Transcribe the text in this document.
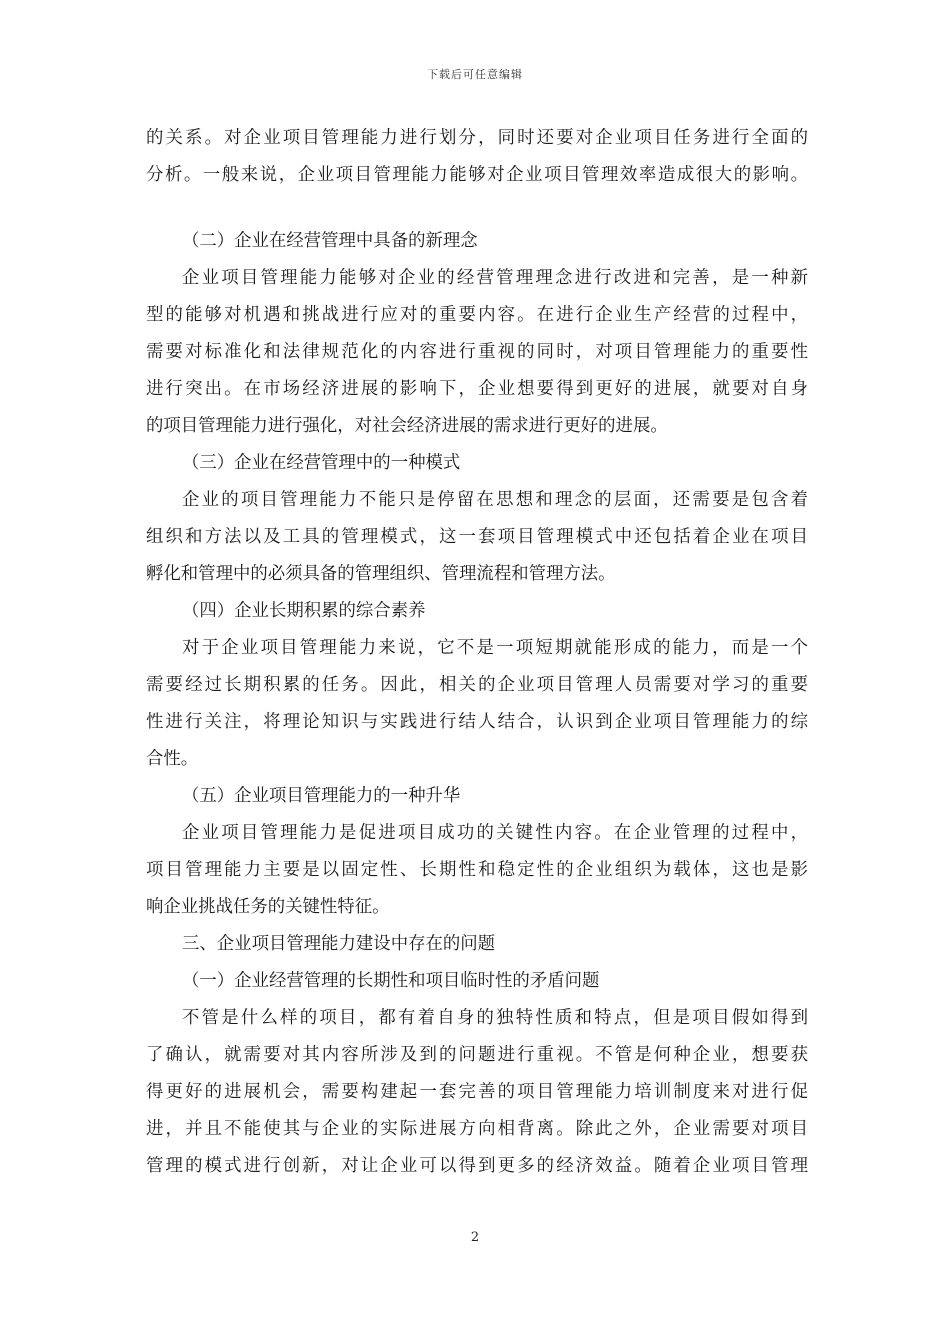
下载后可任意编辑
的关系。对企业项目管理能力进行划分，同时还要对企业项目任务进行全面的
分析。一般来说，企业项目管理能力能够对企业项目管理效率造成很大的影响。
（二）企业在经营管理中具备的新理念
企业项目管理能力能够对企业的经营管理理念进行改进和完善，是一种新
型的能够对机遇和挑战进行应对的重要内容。在进行企业生产经营的过程中，
需要对标准化和法律规范化的内容进行重视的同时，对项目管理能力的重要性
进行突出。在市场经济进展的影响下，企业想要得到更好的进展，就要对自身
的项目管理能力进行强化，对社会经济进展的需求进行更好的进展。
（三）企业在经营管理中的一种模式
企业的项目管理能力不能只是停留在思想和理念的层面，还需要是包含着
组织和方法以及工具的管理模式，这一套项目管理模式中还包括着企业在项目
孵化和管理中的必须具备的管理组织、管理流程和管理方法。
（四）企业长期积累的综合素养
对于企业项目管理能力来说，它不是一项短期就能形成的能力，而是一个
需要经过长期积累的任务。因此，相关的企业项目管理人员需要对学习的重要
性进行关注，将理论知识与实践进行结人结合，认识到企业项目管理能力的综
合性。
（五）企业项目管理能力的一种升华
企业项目管理能力是促进项目成功的关键性内容。在企业管理的过程中，
项目管理能力主要是以固定性、长期性和稳定性的企业组织为载体，这也是影
响企业挑战任务的关键性特征。
三、企业项目管理能力建设中存在的问题
（一）企业经营管理的长期性和项目临时性的矛盾问题
不管是什么样的项目，都有着自身的独特性质和特点，但是项目假如得到
了确认，就需要对其内容所涉及到的问题进行重视。不管是何种企业，想要获
得更好的进展机会，需要构建起一套完善的项目管理能力培训制度来对进行促
进，并且不能使其与企业的实际进展方向相背离。除此之外，企业需要对项目
管理的模式进行创新，对让企业可以得到更多的经济效益。随着企业项目管理
2
